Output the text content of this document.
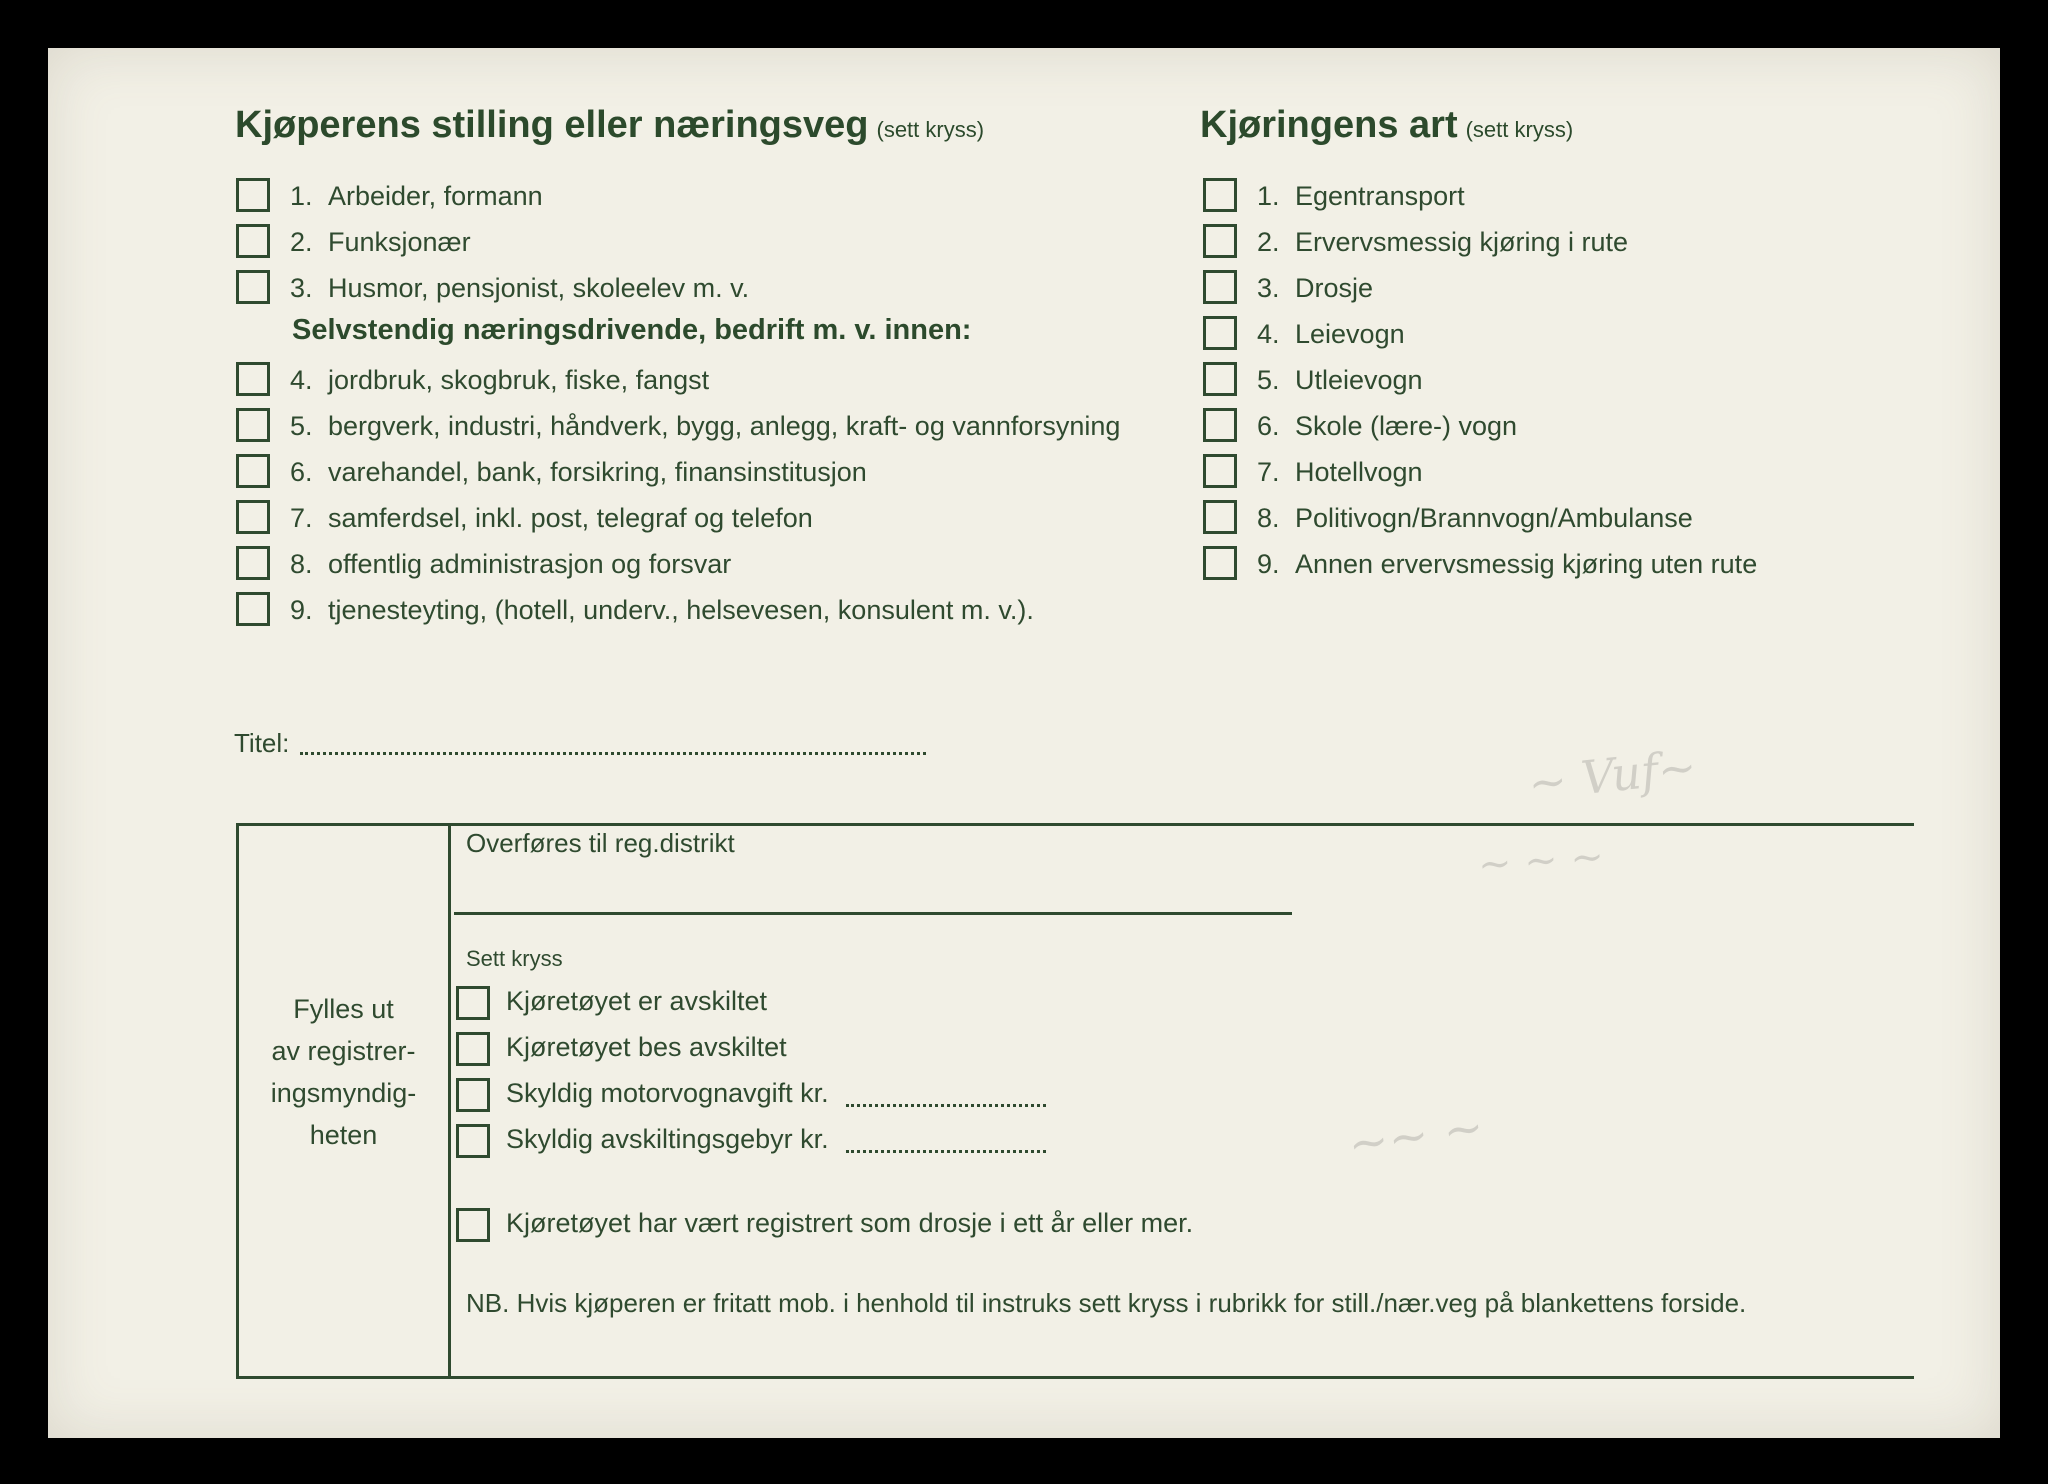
~ Vuf~
~ ~ ~
~~ ~
Kjøperens stilling eller næringsveg (sett kryss)
1. Arbeider, formann
2. Funksjonær
3. Husmor, pensjonist, skoleelev m. v.
Selvstendig næringsdrivende, bedrift m. v. innen:
4. jordbruk, skogbruk, fiske, fangst
5. bergverk, industri, håndverk, bygg, anlegg, kraft- og vannforsyning
6. varehandel, bank, forsikring, finansinstitusjon
7. samferdsel, inkl. post, telegraf og telefon
8. offentlig administrasjon og forsvar
9. tjenesteyting, (hotell, underv., helsevesen, konsulent m. v.).
Kjøringens art (sett kryss)
1. Egentransport
2. Ervervsmessig kjøring i rute
3. Drosje
4. Leievogn
5. Utleievogn
6. Skole (lære-) vogn
7. Hotellvogn
8. Politivogn/Brannvogn/Ambulanse
9. Annen ervervsmessig kjøring uten rute
Titel:
Fylles ut
av registrer-
ingsmyndig-
heten
Overføres til reg.distrikt
Sett kryss
Kjøretøyet er avskiltet
Kjøretøyet bes avskiltet
Skyldig motorvognavgift kr.
Skyldig avskiltingsgebyr kr.
Kjøretøyet har vært registrert som drosje i ett år eller mer.
NB. Hvis kjøperen er fritatt mob. i henhold til instruks sett kryss i rubrikk for still./nær.veg på blankettens forside.
